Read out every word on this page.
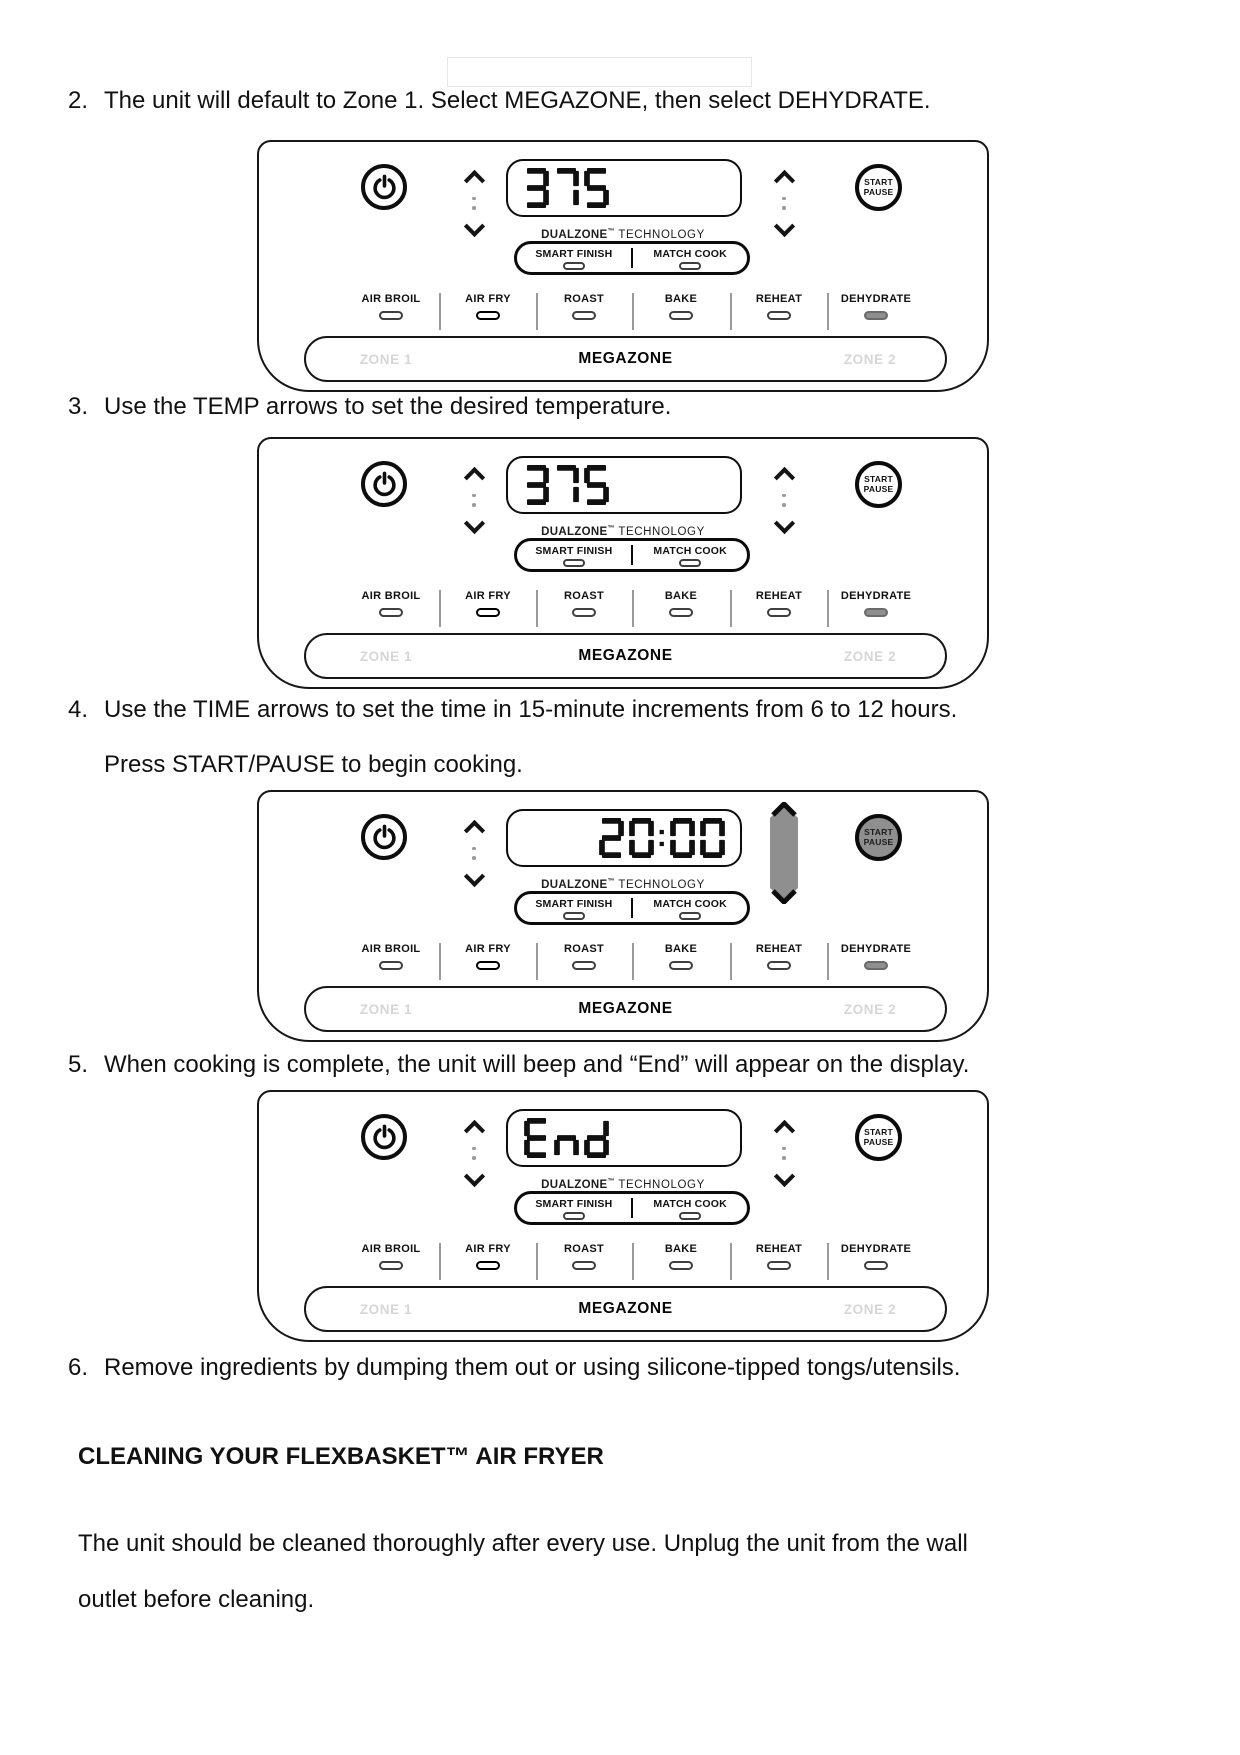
2. The unit will default to Zone 1. Select MEGAZONE, then select DEHYDRATE.
START
PAUSE
DUALZONE™ TECHNOLOGY
SMART FINISH	MATCH COOK
AIR BROIL	AIR FRY	ROAST	BAKE	REHEAT	DEHYDRATE
ZONE 1	MEGAZONE	ZONE 2
3. Use the TEMP arrows to set the desired temperature.
START
PAUSE
DUALZONE™ TECHNOLOGY
SMART FINISH	MATCH COOK
AIR BROIL	AIR FRY	ROAST	BAKE	REHEAT	DEHYDRATE
ZONE 1	MEGAZONE	ZONE 2
4. Use the TIME arrows to set the time in 15-minute increments from 6 to 12 hours.
Press START/PAUSE to begin cooking.
START
PAUSE
DUALZONE™ TECHNOLOGY
SMART FINISH	MATCH COOK
AIR BROIL	AIR FRY	ROAST	BAKE	REHEAT	DEHYDRATE
ZONE 1	MEGAZONE	ZONE 2
5. When cooking is complete, the unit will beep and “End” will appear on the display.
START
PAUSE
DUALZONE™ TECHNOLOGY
SMART FINISH	MATCH COOK
AIR BROIL	AIR FRY	ROAST	BAKE	REHEAT	DEHYDRATE
ZONE 1	MEGAZONE	ZONE 2
6. Remove ingredients by dumping them out or using silicone-tipped tongs/utensils.
CLEANING YOUR FLEXBASKET™ AIR FRYER
The unit should be cleaned thoroughly after every use. Unplug the unit from the wall
outlet before cleaning.
